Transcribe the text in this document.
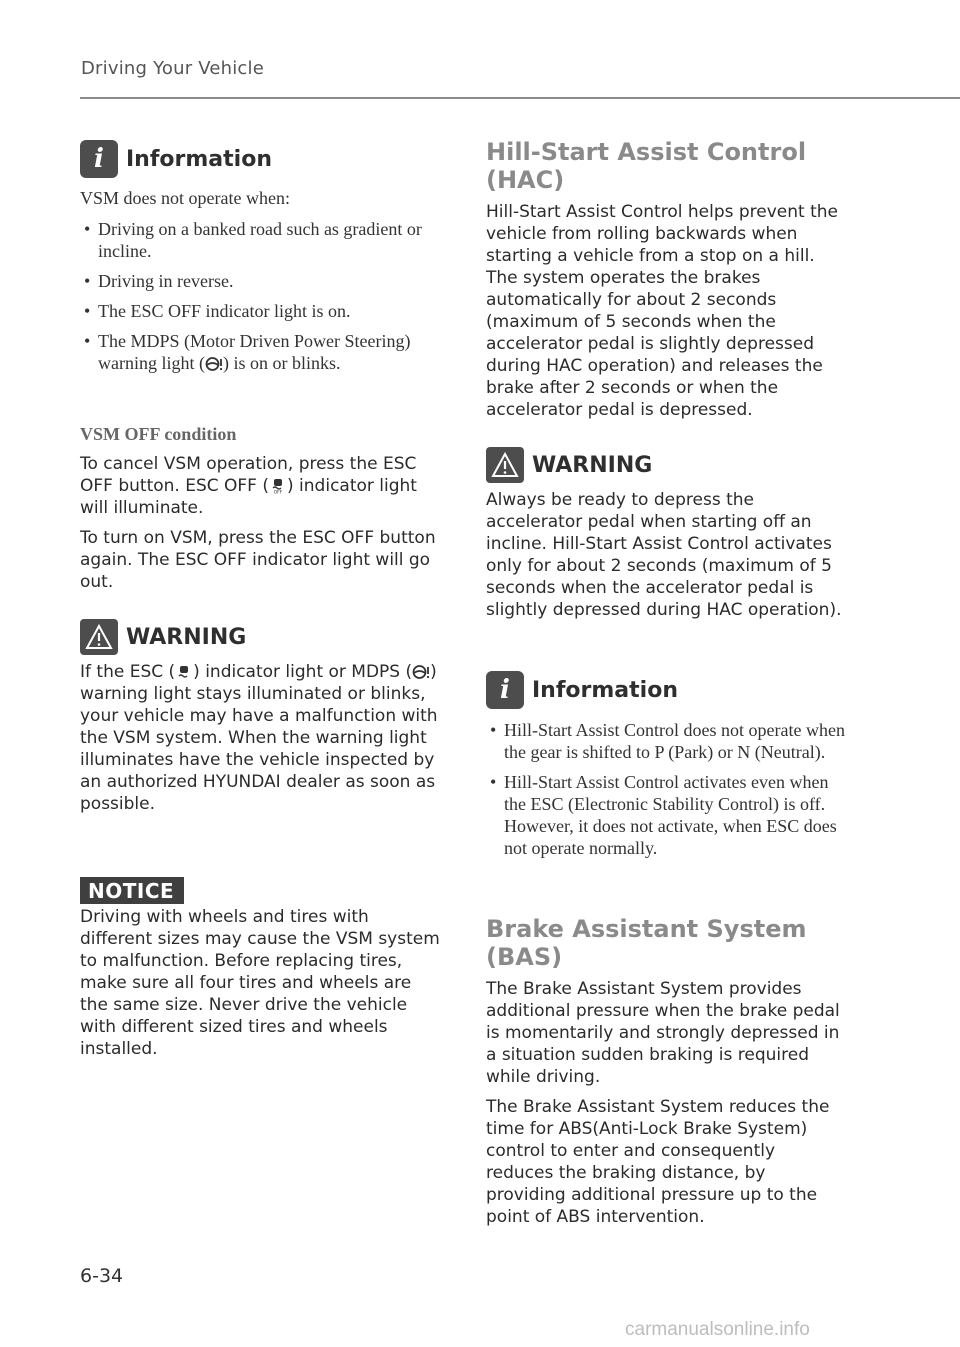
Driving Your Vehicle
i	Information

VSM does not operate when:

• Driving on a banked road such as gradient or incline.
• Driving in reverse.
• The ESC OFF indicator light is on.
• The MDPS (Motor Driven Power Steering) warning light ( ) is on or blinks.
VSM OFF condition

To cancel VSM operation, press the ESC OFF button. ESC OFF ( OFF ) indicator light will illuminate.

To turn on VSM, press the ESC OFF button again. The ESC OFF indicator light will go out.

WARNING

If the ESC ( ) indicator light or MDPS ( ) warning light stays illuminated or blinks, your vehicle may have a malfunction with the VSM system. When the warning light illuminates have the vehicle inspected by an authorized HYUNDAI dealer as soon as possible.

NOTICE

Driving with wheels and tires with different sizes may cause the VSM system to malfunction. Before replacing tires, make sure all four tires and wheels are the same size. Never drive the vehicle with different sized tires and wheels installed.

Hill-Start Assist Control (HAC)

Hill-Start Assist Control helps prevent the vehicle from rolling backwards when starting a vehicle from a stop on a hill. The system operates the brakes automatically for about 2 seconds (maximum of 5 seconds when the accelerator pedal is slightly depressed during HAC operation) and releases the brake after 2 seconds or when the accelerator pedal is depressed.

WARNING

Always be ready to depress the accelerator pedal when starting off an incline. Hill-Start Assist Control activates only for about 2 seconds (maximum of 5 seconds when the accelerator pedal is slightly depressed during HAC operation).

i	Information
• Hill-Start Assist Control does not operate when the gear is shifted to P (Park) or N (Neutral).
• Hill-Start Assist Control activates even when the ESC (Electronic Stability Control) is off. However, it does not activate, when ESC does not operate normally.
Brake Assistant System (BAS)

The Brake Assistant System provides additional pressure when the brake pedal is momentarily and strongly depressed in a situation sudden braking is required while driving.

The Brake Assistant System reduces the time for ABS(Anti-Lock Brake System) control to enter and consequently reduces the braking distance, by providing additional pressure up to the point of ABS intervention.

6-34
carmanualsonline.info
